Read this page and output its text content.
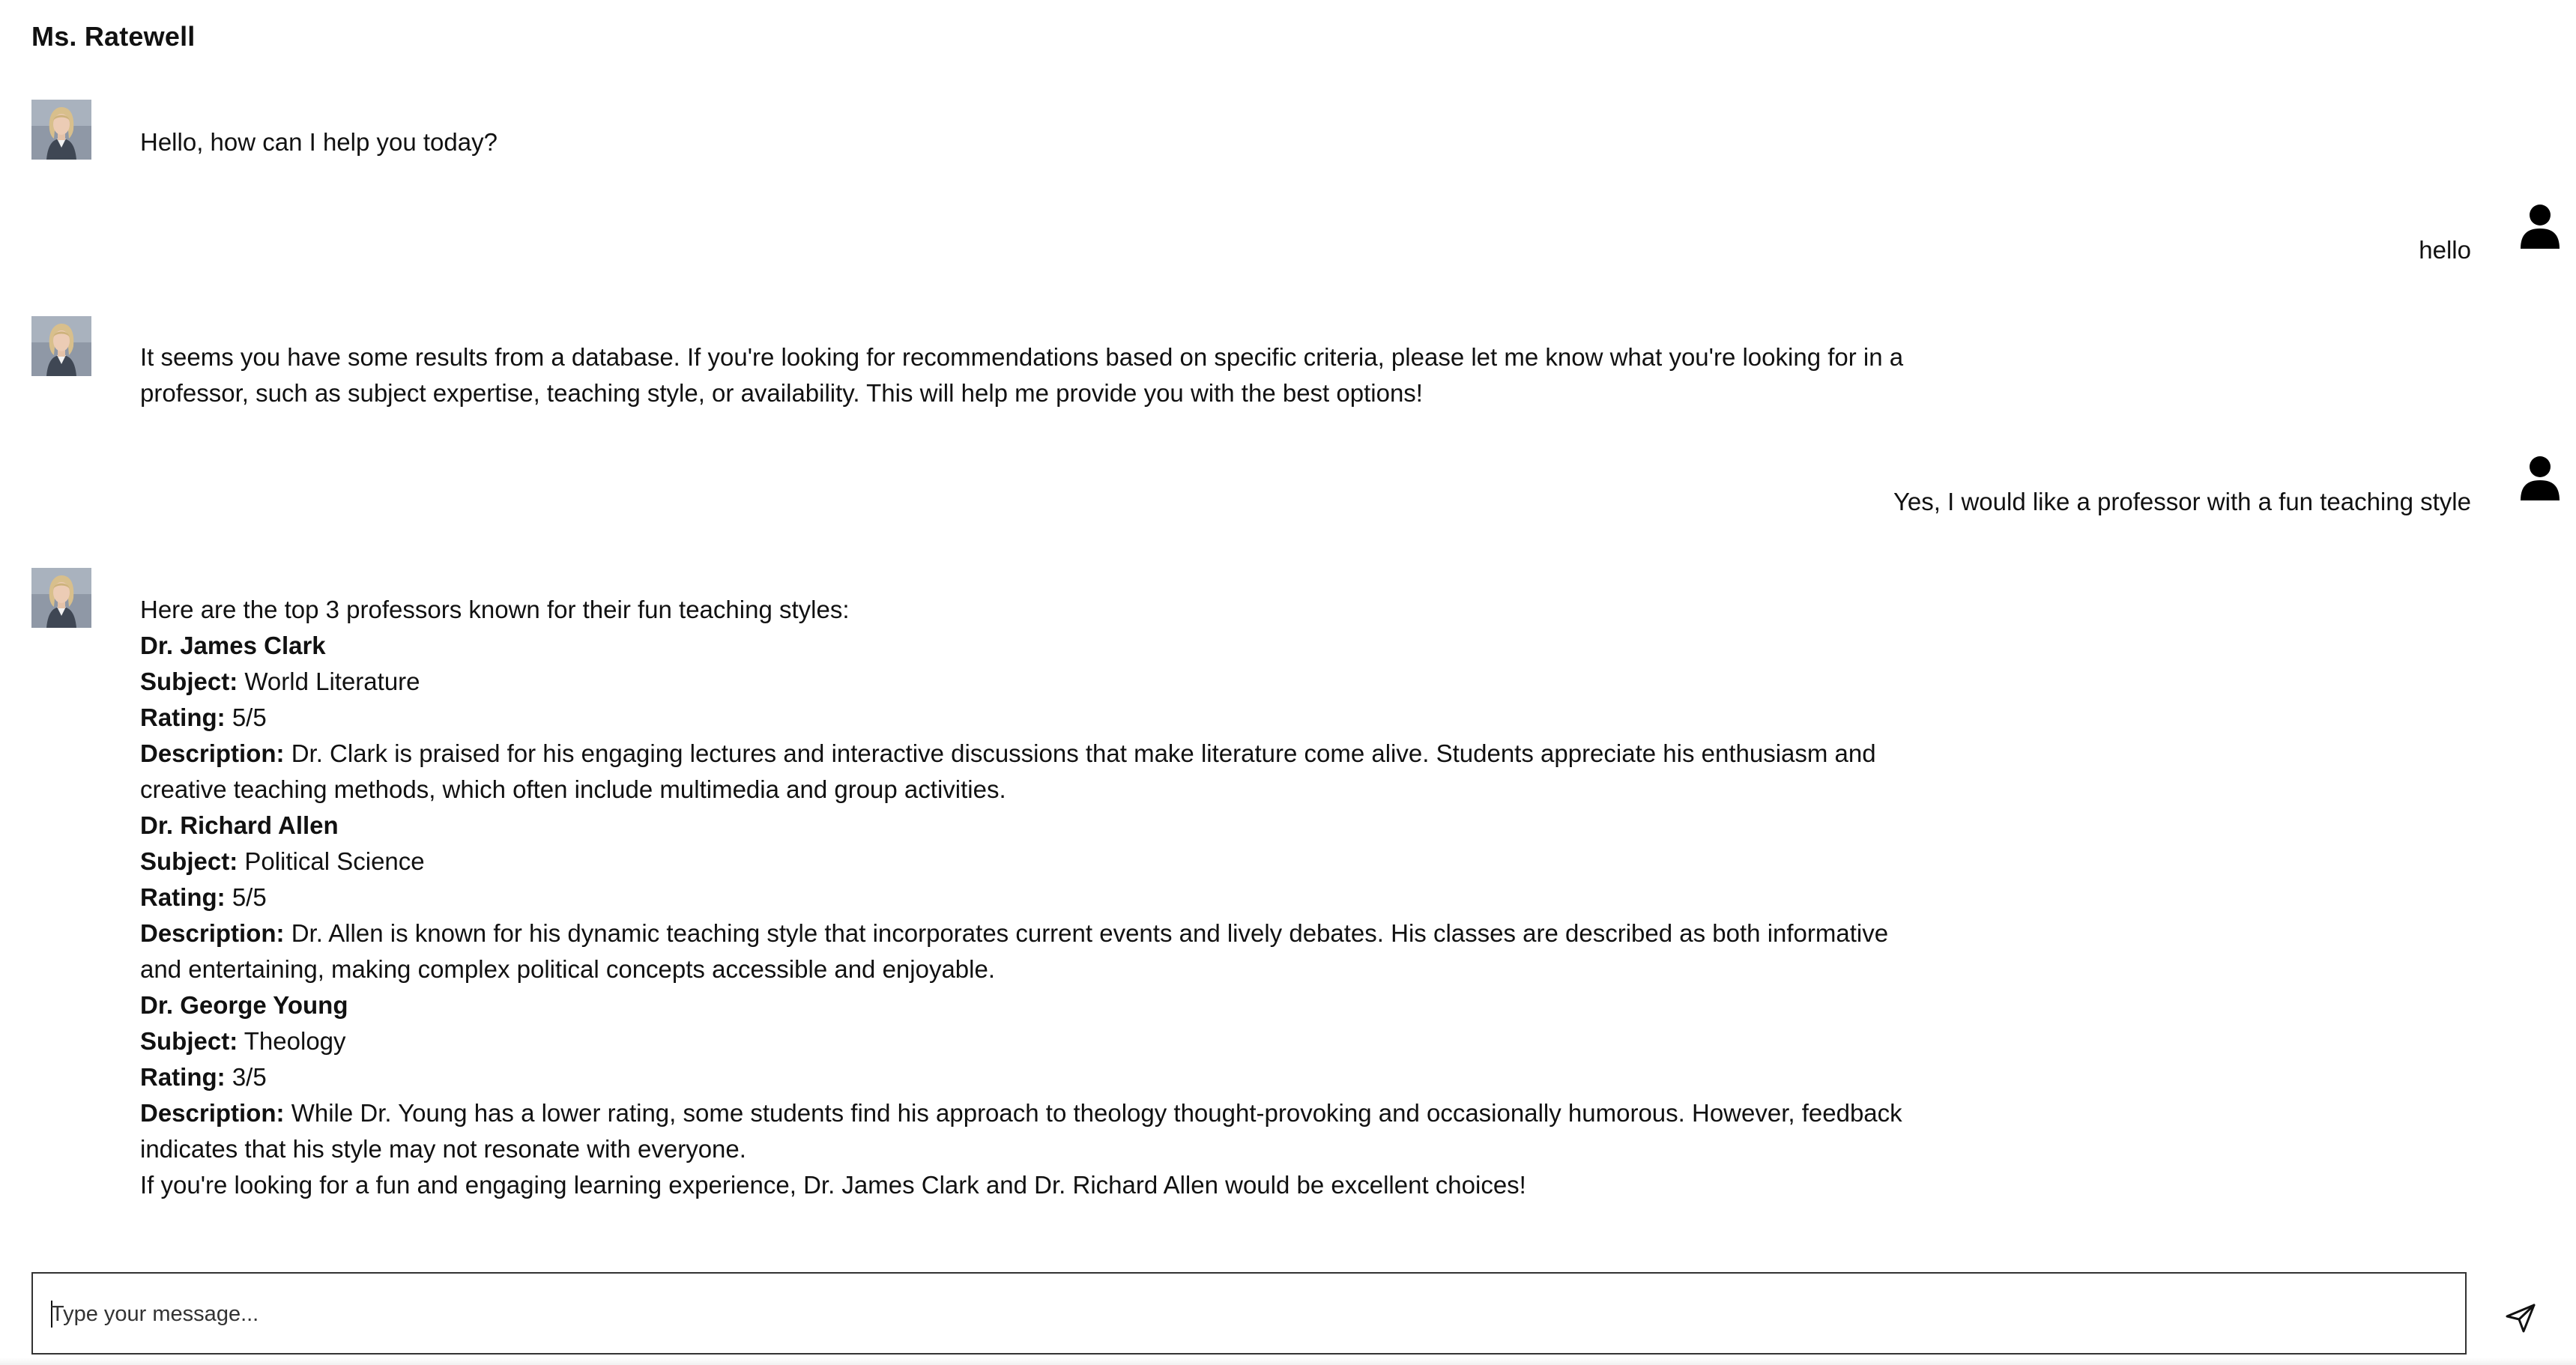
Ms. Ratewell
Hello, how can I help you today?
hello
It seems you have some results from a database. If you're looking for recommendations based on specific criteria, please let me know what you're looking for in a
professor, such as subject expertise, teaching style, or availability. This will help me provide you with the best options!
Yes, I would like a professor with a fun teaching style
Here are the top 3 professors known for their fun teaching styles:
Dr. James Clark
Subject: World Literature
Rating: 5/5
Description: Dr. Clark is praised for his engaging lectures and interactive discussions that make literature come alive. Students appreciate his enthusiasm and
creative teaching methods, which often include multimedia and group activities.
Dr. Richard Allen
Subject: Political Science
Rating: 5/5
Description: Dr. Allen is known for his dynamic teaching style that incorporates current events and lively debates. His classes are described as both informative
and entertaining, making complex political concepts accessible and enjoyable.
Dr. George Young
Subject: Theology
Rating: 3/5
Description: While Dr. Young has a lower rating, some students find his approach to theology thought-provoking and occasionally humorous. However, feedback
indicates that his style may not resonate with everyone.
If you're looking for a fun and engaging learning experience, Dr. James Clark and Dr. Richard Allen would be excellent choices!
Type your message...
